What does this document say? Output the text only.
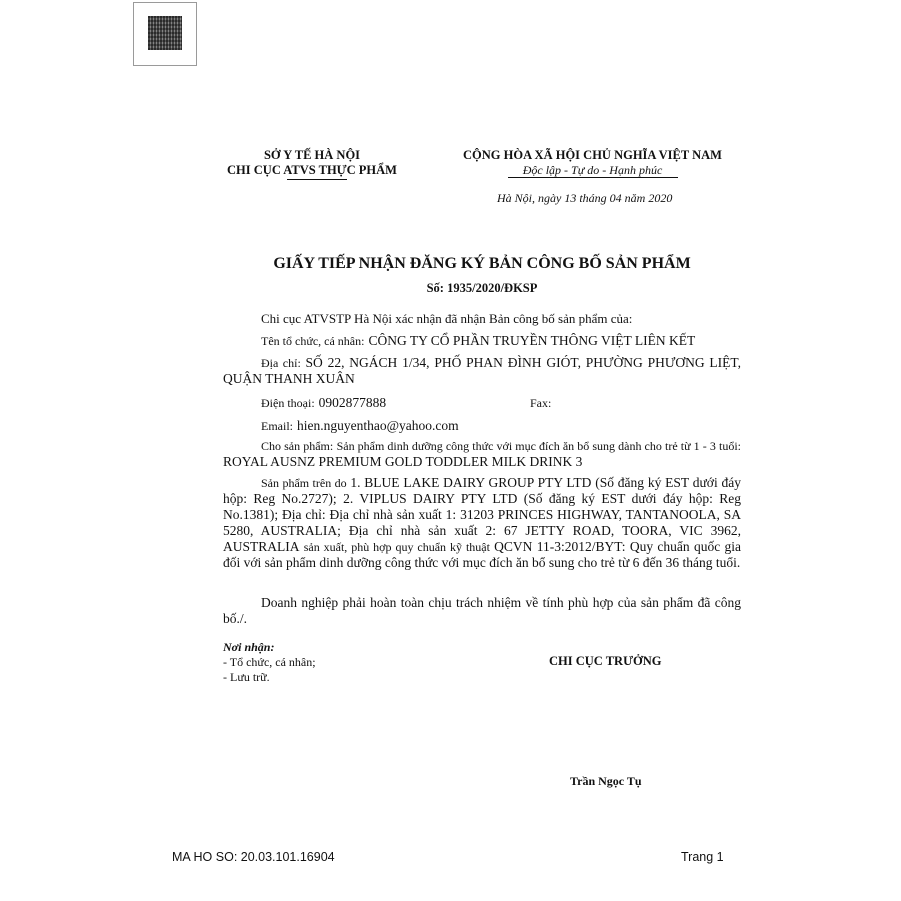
SỞ Y TẾ HÀ NỘI
CHI CỤC ATVS THỰC PHẨM
CỘNG HÒA XÃ HỘI CHỦ NGHĨA VIỆT NAM
Độc lập - Tự do - Hạnh phúc
Hà Nội, ngày 13 tháng 04 năm 2020
GIẤY TIẾP NHẬN ĐĂNG KÝ BẢN CÔNG BỐ SẢN PHẨM
Số: 1935/2020/ĐKSP
Chi cục ATVSTP Hà Nội xác nhận đã nhận Bản công bố sản phẩm của:
Tên tổ chức, cá nhân: CÔNG TY CỔ PHẦN TRUYỀN THÔNG VIỆT LIÊN KẾT
Địa chỉ: SỐ 22, NGÁCH 1/34, PHỐ PHAN ĐÌNH GIÓT, PHƯỜNG PHƯƠNG LIỆT, QUẬN THANH XUÂN
Điện thoại: 0902877888	Fax:
Email: hien.nguyenthao@yahoo.com
Cho sản phẩm: Sản phẩm dinh dưỡng công thức với mục đích ăn bổ sung dành cho trẻ từ 1 - 3 tuổi: ROYAL AUSNZ PREMIUM GOLD TODDLER MILK DRINK 3
Sản phẩm trên do 1. BLUE LAKE DAIRY GROUP PTY LTD (Số đăng ký EST dưới đáy hộp: Reg No.2727); 2. VIPLUS DAIRY PTY LTD (Số đăng ký EST dưới đáy hộp: Reg No.1381); Địa chỉ: Địa chỉ nhà sản xuất 1: 31203 PRINCES HIGHWAY, TANTANOOLA, SA 5280, AUSTRALIA; Địa chỉ nhà sản xuất 2: 67 JETTY ROAD, TOORA, VIC 3962, AUSTRALIA sản xuất, phù hợp quy chuẩn kỹ thuật QCVN 11-3:2012/BYT: Quy chuẩn quốc gia đối với sản phẩm dinh dưỡng công thức với mục đích ăn bổ sung cho trẻ từ 6 đến 36 tháng tuổi.
Doanh nghiệp phải hoàn toàn chịu trách nhiệm về tính phù hợp của sản phẩm đã công bố./.
Nơi nhận:
- Tổ chức, cá nhân;
- Lưu trữ.
CHI CỤC TRƯỞNG
Trần Ngọc Tụ
MA HO SO: 20.03.101.16904	Trang 1
